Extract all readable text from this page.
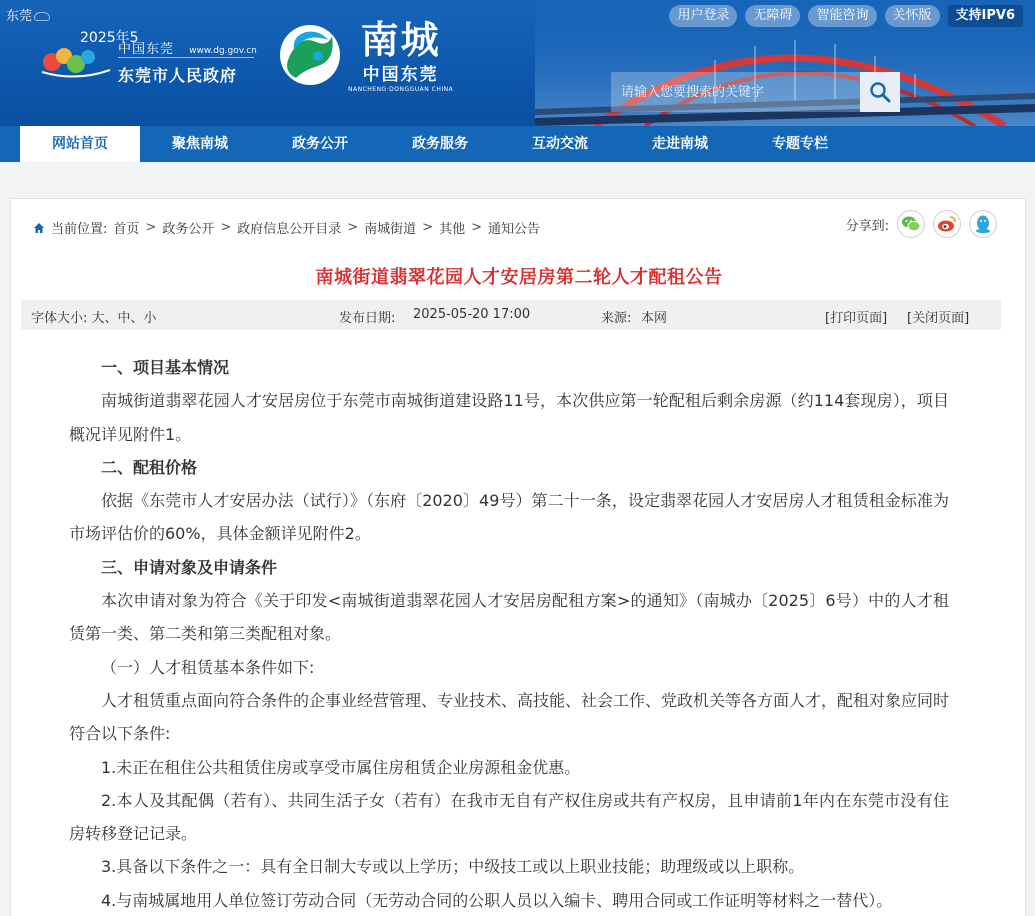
东莞
2025年5
中国东莞 www.dg.gov.cn
东莞市人民政府
南城
中国东莞
NANCHENG·DONGGUAN CHINA
用户登录	无障碍	智能咨询	关怀版	支持IPV6
请输入您要搜索的关键字
网站首页	聚焦南城	政务公开	政务服务	互动交流	走进南城	专题专栏
当前位置: 首页 > 政务公开 > 政府信息公开目录 > 南城街道 > 其他 > 通知公告	分享到:
南城街道翡翠花园人才安居房第二轮人才配租公告
字体大小: 大、中、小	发布日期: 2025-05-20 17:00	来源: 本网	[打印页面] [关闭页面]

一、项目基本情况

南城街道翡翠花园人才安居房位于东莞市南城街道建设路11号，本次供应第一轮配租后剩余房源（约114套现房），项目概况详见附件1。

二、配租价格

依据《东莞市人才安居办法（试行）》（东府〔2020〕49号）第二十一条，设定翡翠花园人才安居房人才租赁租金标准为市场评估价的60%，具体金额详见附件2。

三、申请对象及申请条件

本次申请对象为符合《关于印发<南城街道翡翠花园人才安居房配租方案>的通知》（南城办〔2025〕6号）中的人才租赁第一类、第二类和第三类配租对象。

（一）人才租赁基本条件如下:

人才租赁重点面向符合条件的企事业经营管理、专业技术、高技能、社会工作、党政机关等各方面人才，配租对象应同时符合以下条件:

1.未正在租住公共租赁住房或享受市属住房租赁企业房源租金优惠。

2.本人及其配偶（若有）、共同生活子女（若有）在我市无自有产权住房或共有产权房，且申请前1年内在东莞市没有住房转移登记记录。

3.具备以下条件之一：具有全日制大专或以上学历；中级技工或以上职业技能；助理级或以上职称。

4.与南城属地用人单位签订劳动合同（无劳动合同的公职人员以入编卡、聘用合同或工作证明等材料之一替代）。
